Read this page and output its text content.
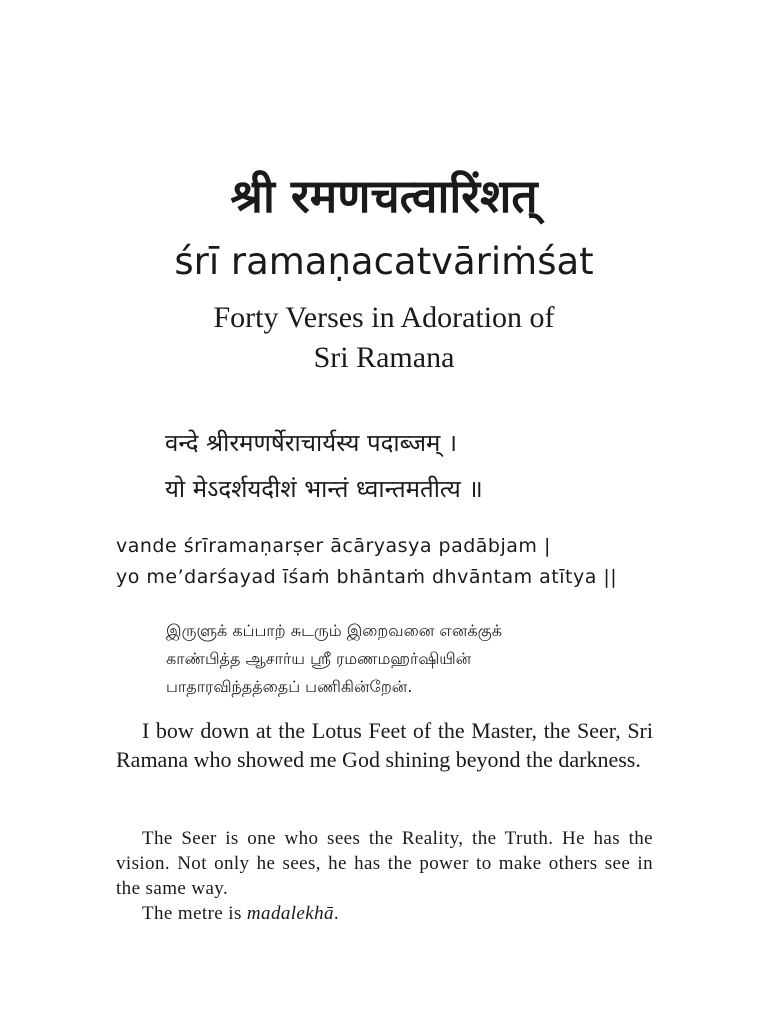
श्री रमणचत्वारिंशत्
śrī ramaṇacatvāriṁśat
Forty Verses in Adoration of
Sri Ramana
वन्दे श्रीरमणर्षेराचार्यस्य पदाब्जम् ।
यो मेऽदर्शयदीशं भान्तं ध्वान्तमतीत्य ॥
vande śrīramaṇarṣer ācāryasya padābjam |
yo me’darśayad īśaṁ bhāntaṁ dhvāntam atītya ||
இருளுக் கப்பாற் சுடரும் இறைவனை எனக்குக்
காண்பித்த ஆசார்ய ஸ்ரீ ரமணமஹர்ஷியின்
பாதாரவிந்தத்தைப் பணிகின்றேன்.

I bow down at the Lotus Feet of the Master, the Seer, Sri Ramana who showed me God shining beyond the darkness.

The Seer is one who sees the Reality, the Truth. He has the vision. Not only he sees, he has the power to make others see in the same way.

The metre is madalekhā.
